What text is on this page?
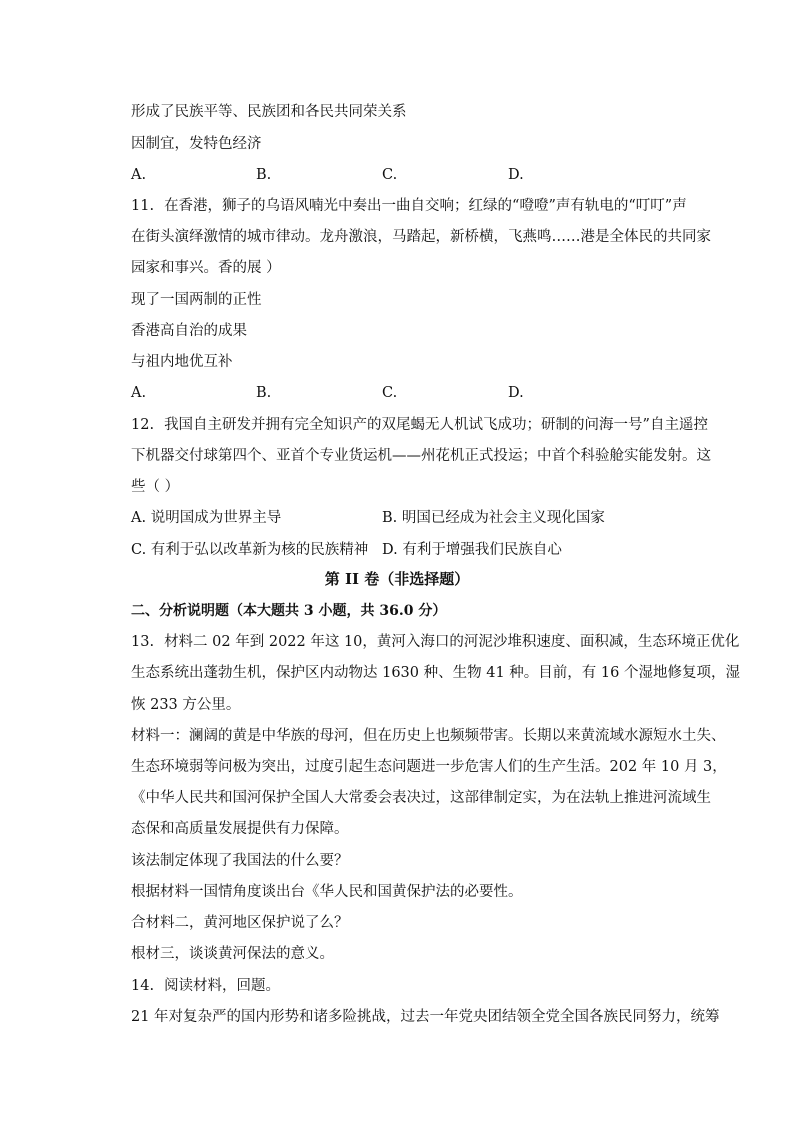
形成了民族平等、民族团和各民共同荣关系
因制宜，发特色经济
A.	B.	C.	D.
11. 在香港，狮子的乌语风喃光中奏出一曲自交响；红绿的“噔噔”声有轨电的“叮叮”声
在街头演绎激情的城市律动。龙舟激浪，马踏起，新桥横，飞燕鸣……港是全体民的共同家
园家和事兴。香的展 ）
现了一国两制的正性
香港高自治的成果
与祖内地优互补
A.	B.	C.	D.
12. 我国自主研发并拥有完全知识产的双尾蝎无人机试飞成功；研制的问海一号”自主遥控
下机器交付球第四个、亚首个专业货运机——州花机正式投运；中首个科验舱实能发射。这
些（ ）
A. 说明国成为世界主导	B. 明国已经成为社会主义现化国家
C. 有利于弘以改革新为核的民族精神 D. 有利于增强我们民族自心
第 II 卷（非选择题）
二、分析说明题（本大题共 3 小题，共 36.0 分）
13. 材料二 02 年到 2022 年这 10，黄河入海口的河泥沙堆积速度、面积减，生态环境正优化
生态系统出蓬勃生机，保护区内动物达 1630 种、生物 41 种。目前，有 16 个湿地修复项，湿
恢 233 方公里。
材料一：澜阔的黄是中华族的母河，但在历史上也频频带害。长期以来黄流域水源短水土失、
生态环境弱等问极为突出，过度引起生态问题进一步危害人们的生产生活。202 年 10 月 3，
《中华人民共和国河保护全国人大常委会表决过，这部律制定实，为在法轨上推进河流域生
态保和高质量发展提供有力保障。
该法制定体现了我国法的什么要？
根据材料一国情角度谈出台《华人民和国黄保护法的必要性。
合材料二，黄河地区保护说了么？
根材三，谈谈黄河保法的意义。
14. 阅读材料，回题。
21 年对复杂严的国内形势和诸多险挑战，过去一年党央团结领全党全国各族民同努力，统筹
